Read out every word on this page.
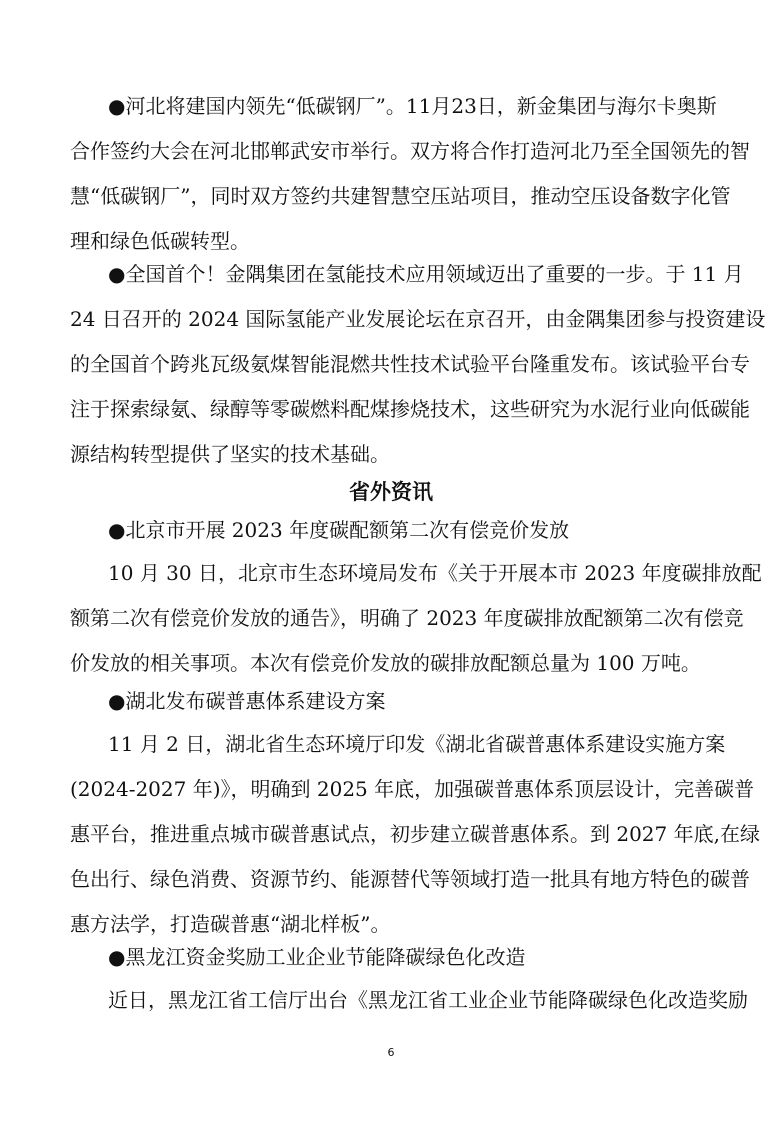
●河北将建国内领先“低碳钢厂”。11月23日，新金集团与海尔卡奥斯
合作签约大会在河北邯郸武安市举行。双方将合作打造河北乃至全国领先的智
慧“低碳钢厂”，同时双方签约共建智慧空压站项目，推动空压设备数字化管
理和绿色低碳转型。

●全国首个！金隅集团在氢能技术应用领域迈出了重要的一步。于 11 月
24 日召开的 2024 国际氢能产业发展论坛在京召开，由金隅集团参与投资建设
的全国首个跨兆瓦级氨煤智能混燃共性技术试验平台隆重发布。该试验平台专
注于探索绿氨、绿醇等零碳燃料配煤掺烧技术，这些研究为水泥行业向低碳能
源结构转型提供了坚实的技术基础。

省外资讯

●北京市开展 2023 年度碳配额第二次有偿竞价发放

10 月 30 日，北京市生态环境局发布《关于开展本市 2023 年度碳排放配
额第二次有偿竞价发放的通告》，明确了 2023 年度碳排放配额第二次有偿竞
价发放的相关事项。本次有偿竞价发放的碳排放配额总量为 100 万吨。

●湖北发布碳普惠体系建设方案

11 月 2 日，湖北省生态环境厅印发《湖北省碳普惠体系建设实施方案
(2024-2027 年)》，明确到 2025 年底，加强碳普惠体系顶层设计，完善碳普
惠平台，推进重点城市碳普惠试点，初步建立碳普惠体系。到 2027 年底,在绿
色出行、绿色消费、资源节约、能源替代等领域打造一批具有地方特色的碳普
惠方法学，打造碳普惠“湖北样板”。

●黑龙江资金奖励工业企业节能降碳绿色化改造

近日，黑龙江省工信厅出台《黑龙江省工业企业节能降碳绿色化改造奖励

6
